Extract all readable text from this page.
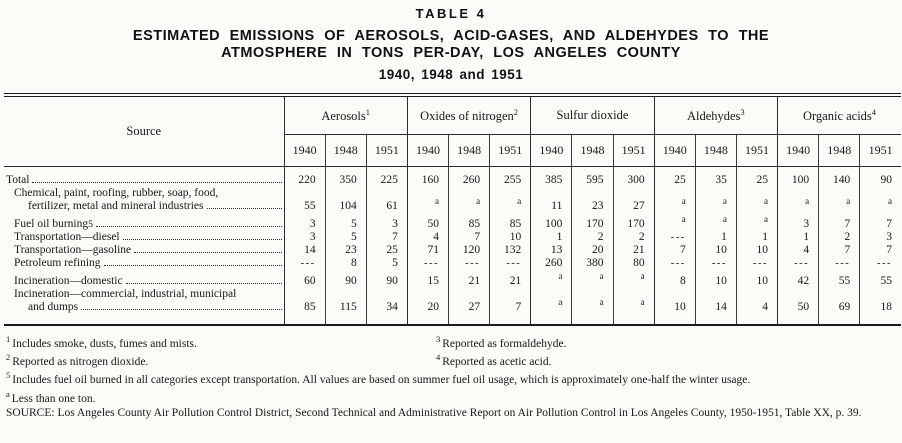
TABLE 4
ESTIMATED EMISSIONS OF AEROSOLS, ACID-GASES, AND ALDEHYDES TO THE
ATMOSPHERE IN TONS PER-DAY, LOS ANGELES COUNTY
1940, 1948 and 1951
Source	Aerosols$^1$			Oxides of nitrogen$^2$			Sulfur dioxide			Aldehydes$^3$			Organic acids$^4$
	1940	1948	1951	1940	1948	1951	1940	1948	1951	1940	1948	1951	1940	1948	1951

Total	220	350	225	160	260	255	385	595	300	25	35	25	100	140	90

Chemical, paint, roofing, rubber, soap, food,
fertilizer, metal and mineral industries	55	104	61	$^a$	$^a$	$^a$	11	23	27	$^a$	$^a$	$^a$	$^a$	$^a$	$^a$

Fuel oil burning 5	3	5	3	50	85	85	100	170	170	$^a$	$^a$	$^a$	3	7	7

Transportation—diesel	3	5	7	4	7	10	1	2	2	---	1	1	1	2	3

Transportation—gasoline	14	23	25	71	120	132	13	20	21	7	10	10	4	7	7

Petroleum refining	---	8	5	---	---	---	260	380	80	---	---	---	---	---	---

Incineration—domestic	60	90	90	15	21	21	$^a$	$^a$	$^a$	8	10	10	42	55	55

Incineration—commercial, industrial, municipal
and dumps	85	115	34	20	27	7	$^a$	$^a$	$^a$	10	14	4	50	69	18

$^1$ Includes smoke, dusts, fumes and mists.	$^3$ Reported as formaldehyde.

$^2$ Reported as nitrogen dioxide.	$^4$ Reported as acetic acid.

$^5$ Includes fuel oil burned in all categories except transportation. All values are based on summer fuel oil usage, which is approximately one-half the winter usage.

$^a$ Less than one ton.

SOURCE: Los Angeles County Air Pollution Control District, Second Technical and Administrative Report on Air Pollution Control in Los Angeles County, 1950-1951, Table XX, p. 39.
